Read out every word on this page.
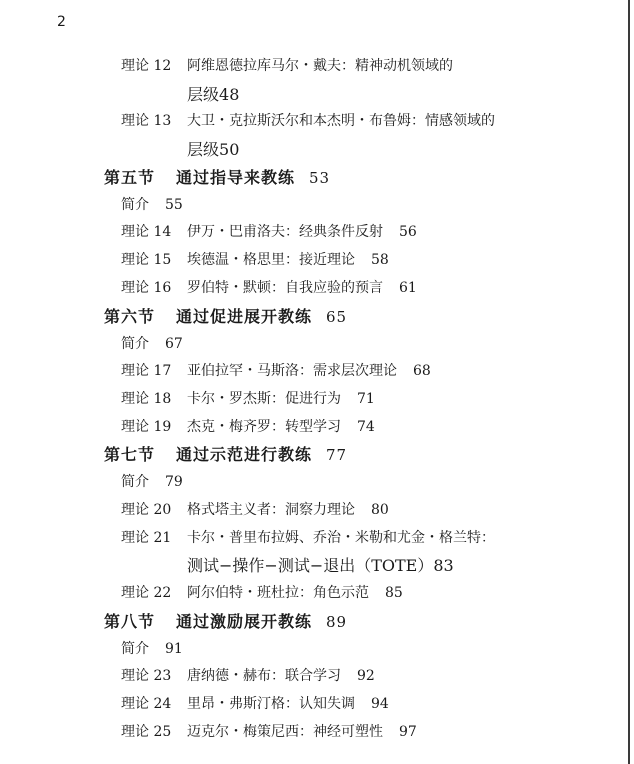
2
理论 12 阿维恩德拉库马尔・戴夫：精神动机领域的
层级48
理论 13 大卫・克拉斯沃尔和本杰明・布鲁姆：情感领域的
层级50
第五节 通过指导来教练 53
简介 55
理论 14 伊万・巴甫洛夫：经典条件反射 56
理论 15 埃德温・格思里：接近理论 58
理论 16 罗伯特・默顿：自我应验的预言 61
第六节 通过促进展开教练 65
简介 67
理论 17 亚伯拉罕・马斯洛：需求层次理论 68
理论 18 卡尔・罗杰斯：促进行为 71
理论 19 杰克・梅齐罗：转型学习 74
第七节 通过示范进行教练 77
简介 79
理论 20 格式塔主义者：洞察力理论 80
理论 21 卡尔・普里布拉姆、乔治・米勒和尤金・格兰特：
测试−操作−测试−退出（TOTE）83
理论 22 阿尔伯特・班杜拉：角色示范 85
第八节 通过激励展开教练 89
简介 91
理论 23 唐纳德・赫布：联合学习 92
理论 24 里昂・弗斯汀格：认知失调 94
理论 25 迈克尔・梅策尼西：神经可塑性 97
